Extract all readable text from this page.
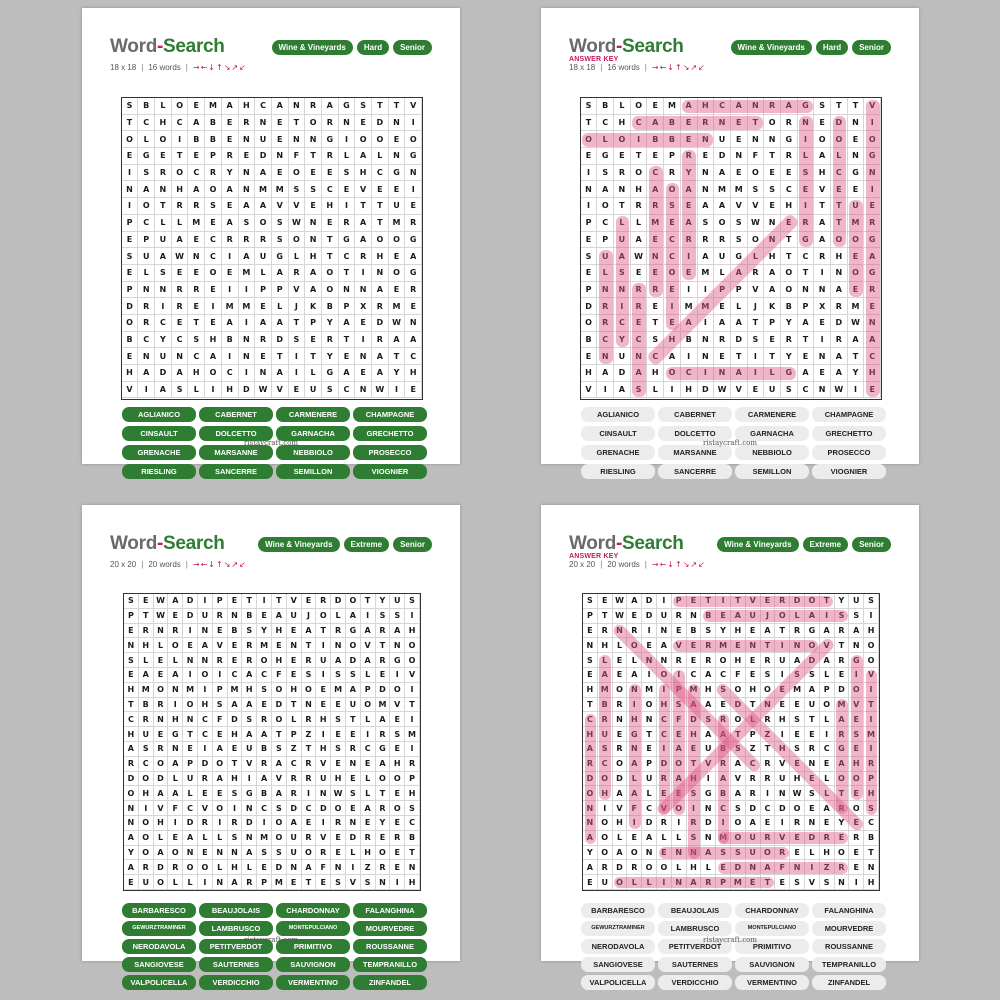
Word-Search
18 x 18 | 16 words | →←↓↑↘↗↙
Wine & Vineyards	Hard	Senior
S	B	L	O	E	M	A	H	C	A	N	R	A	G	S	T	T	V
T	C	H	C	A	B	E	R	N	E	T	O	R	N	E	D	N	I
O	L	O	I	B	B	E	N	U	E	N	N	G	I	O	O	E	O
E	G	E	T	E	P	R	E	D	N	F	T	R	L	A	L	N	G
I	S	R	O	C	R	Y	N	A	E	O	E	E	S	H	C	G	N
N	A	N	H	A	O	A	N	M	M	S	S	C	E	V	E	E	I
I	O	T	R	R	S	E	A	A	V	V	E	H	I	T	T	U	E
P	C	L	L	M	E	A	S	O	S	W	N	E	R	A	T	M	R
E	P	U	A	E	C	R	R	R	S	O	N	T	G	A	O	O	G
S	U	A	W	N	C	I	A	U	G	L	H	T	C	R	H	E	A
E	L	S	E	E	O	E	M	L	A	R	A	O	T	I	N	O	G
P	N	N	R	R	E	I	I	P	P	V	A	O	N	N	A	E	R
D	R	I	R	E	I	M	M	E	L	J	K	B	P	X	R	M	E
O	R	C	E	T	E	A	I	A	A	T	P	Y	A	E	D	W	N
B	C	Y	C	S	H	B	N	R	D	S	E	R	T	I	R	A	A
E	N	U	N	C	A	I	N	E	T	I	T	Y	E	N	A	T	C
H	A	D	A	H	O	C	I	N	A	I	L	G	A	E	A	Y	H
V	I	A	S	L	I	H	D	W	V	E	U	S	C	N	W	I	E
AGLIANICO	CABERNET	CARMENERE	CHAMPAGNE
CINSAULT	DOLCETTO	GARNACHA	GRECHETTO
GRENACHE	MARSANNE	NEBBIOLO	PROSECCO
RIESLING	SANCERRE	SEMILLON	VIOGNIER
ristaycraft.com
Word-Search
ANSWER KEY
18 x 18 | 16 words | →←↓↑↘↗↙
Wine & Vineyards	Hard	Senior
S	B	L	O	E	M	A	H	C	A	N	R	A	G	S	T	T	V
T	C	H	C	A	B	E	R	N	E	T	O	R	N	E	D	N	I
O	L	O	I	B	B	E	N	U	E	N	N	G	I	O	O	E	O
E	G	E	T	E	P	R	E	D	N	F	T	R	L	A	L	N	G
I	S	R	O	C	R	Y	N	A	E	O	E	E	S	H	C	G	N
N	A	N	H	A	O	A	N	M	M	S	S	C	E	V	E	E	I
I	O	T	R	R	S	E	A	A	V	V	E	H	I	T	T	U	E
P	C	L	L	M	E	A	S	O	S	W	N	E	R	A	T	M	R
E	P	U	A	E	C	R	R	R	S	O	N	T	G	A	O	O	G
S	U	A	W	N	C	I	A	U	G	L	H	T	C	R	H	E	A
E	L	S	E	E	O	E	M	L	A	R	A	O	T	I	N	O	G
P	N	N	R	R	E	I	I	P	P	V	A	O	N	N	A	E	R
D	R	I	R	E	I	M	M	E	L	J	K	B	P	X	R	M	E
O	R	C	E	T	E	A	I	A	A	T	P	Y	A	E	D	W	N
B	C	Y	C	S	H	B	N	R	D	S	E	R	T	I	R	A	A
E	N	U	N	C	A	I	N	E	T	I	T	Y	E	N	A	T	C
H	A	D	A	H	O	C	I	N	A	I	L	G	A	E	A	Y	H
V	I	A	S	L	I	H	D	W	V	E	U	S	C	N	W	I	E
AGLIANICO	CABERNET	CARMENERE	CHAMPAGNE
CINSAULT	DOLCETTO	GARNACHA	GRECHETTO
GRENACHE	MARSANNE	NEBBIOLO	PROSECCO
RIESLING	SANCERRE	SEMILLON	VIOGNIER
ristaycraft.com
Word-Search
20 x 20 | 20 words | →←↓↑↘↗↙
Wine & Vineyards	Extreme	Senior
S	E W A	D	I	P	E	T	I	T	V	E	R	D	O	T	Y	U	S
P	T W E	D	U	R	N	B	E	A	U	J	O	L	A	I	S	S	I
E	R	N	R	I	N	E	B	S	Y	H	E	A	T	R	G	A	R	A	H
N	H	L	O	E	A	V	E	R M	E	N	T	I	N	O	V	T	N	O
S	L	E	L	N	N	R	E	R	O	H	E	R	U	A	D	A	R	G	O
E	A	E	A	I	O	I	C	A	C	F	E	S	I	S	S	L	E	I	V
H M O	N M	I	P M H	S	O	H	O	E	M A	P	D	O	I
T	B	R	I	O	H	S	A	A	E	D	T	N	E	E	U	O M V	T
C	R	N	H	N	C	F	D	S	R	O	L	R	H	S	T	L	A	E	I
H	U	E	G	T	C	E	H	A	A	T	P	Z	I	E	E	I	R	S M
A	S	R	N	E	I	A	E	U	B	S	Z	T	H	S	R	C	G	E	I
R	C	O	A	P	D	O	T	V	R	A	C	R	V	E	N	E	A	H	R
D	O	D	L	U	R	A	H	I	A	V	R	R	U	H	E	L	O O	P
O	H	A	A	L	E	E	S	G	B	A	R	I	N W S	L	T	E	H
N	I	V	F	C	V	O	I	N	C	S	D	C	D	O	E	A	R	O	S
N	O	H	I	D	R	I	R	D	I	O	A	E	I	R	N	E	Y	E	C
A	O	L	E	A	L	L	S	N M O	U	R	V	E	D	R	E	R	B
Y	O	A	O	N	E	N	N	A	S	S	U	O	R	E	L	H	O	E	T
A	R	D	R	O O	L	H	L	E	D	N	A	F	N	I	Z	R	E	N
E	U	O	L	L	I	N	A	R	P M	E	T	E	S	V	S	N	I	H
BARBARESCO	BEAUJOLAIS	CHARDONNAY	FALANGHINA
GEWURZTRAMINER	LAMBRUSCO	MONTEPULCIANO	MOURVEDRE
NERODAVOLA	PETITVERDOT	PRIMITIVO	ROUSSANNE
SANGIOVESE	SAUTERNES	SAUVIGNON	TEMPRANILLO
VALPOLICELLA	VERDICCHIO	VERMENTINO	ZINFANDEL
ristaycraft.com
Word-Search
ANSWER KEY
20 x 20 | 20 words | →←↓↑↘↗↙
Wine & Vineyards	Extreme	Senior
S	E W A	D	I	P	E	T	I	T	V	E	R	D	O	T	Y	U	S
P	T W E	D	U	R	N	B	E	A	U	J	O	L	A	I	S	S	I
E	R	N	R	I	N	E	B	S	Y	H	E	A	T	R	G	A	R	A	H
N	H	L	O	E	A	V	E	R M	E	N	T	I	N	O	V	T	N	O
S	L	E	L	N	N	R	E	R	O	H	E	R	U	A	D	A	R	G	O
E	A	E	A	I	O	I	C	A	C	F	E	S	I	S	S	L	E	I	V
H M O	N M	I	P M H	S	O	H	O	E	M A	P	D	O	I
T	B	R	I	O	H	S	A	A	E	D	T	N	E	E	U	O M V	T
C	R	N	H	N	C	F	D	S	R	O	L	R	H	S	T	L	A	E	I
H	U	E	G	T	C	E	H	A	A	T	P	Z	I	E	E	I	R	S M
A	S	R	N	E	I	A	E	U	B	S	Z	T	H	S	R	C	G	E	I
R	C	O	A	P	D	O	T	V	R	A	C	R	V	E	N	E	A	H	R
D	O	D	L	U	R	A	H	I	A	V	R	R	U	H	E	L	O O	P
O	H	A	A	L	E	E	S	G	B	A	R	I	N W S	L	T	E	H
N	I	V	F	C	V	O	I	N	C	S	D	C	D	O	E	A	R	O	S
N	O	H	I	D	R	I	R	D	I	O	A	E	I	R	N	E	Y	E	C
A	O	L	E	A	L	L	S	N M O	U	R	V	E	D	R	E	R	B
Y	O	A	O	N	E	N	N	A	S	S	U	O	R	E	L	H	O	E	T
A	R	D	R	O O	L	H	L	E	D	N	A	F	N	I	Z	R	E	N
E	U	O	L	L	I	N	A	R	P M	E	T	E	S	V	S	N	I	H
BARBARESCO	BEAUJOLAIS	CHARDONNAY	FALANGHINA
GEWURZTRAMINER	LAMBRUSCO	MONTEPULCIANO	MOURVEDRE
NERODAVOLA	PETITVERDOT	PRIMITIVO	ROUSSANNE
SANGIOVESE	SAUTERNES	SAUVIGNON	TEMPRANILLO
VALPOLICELLA	VERDICCHIO	VERMENTINO	ZINFANDEL
ristaycraft.com
